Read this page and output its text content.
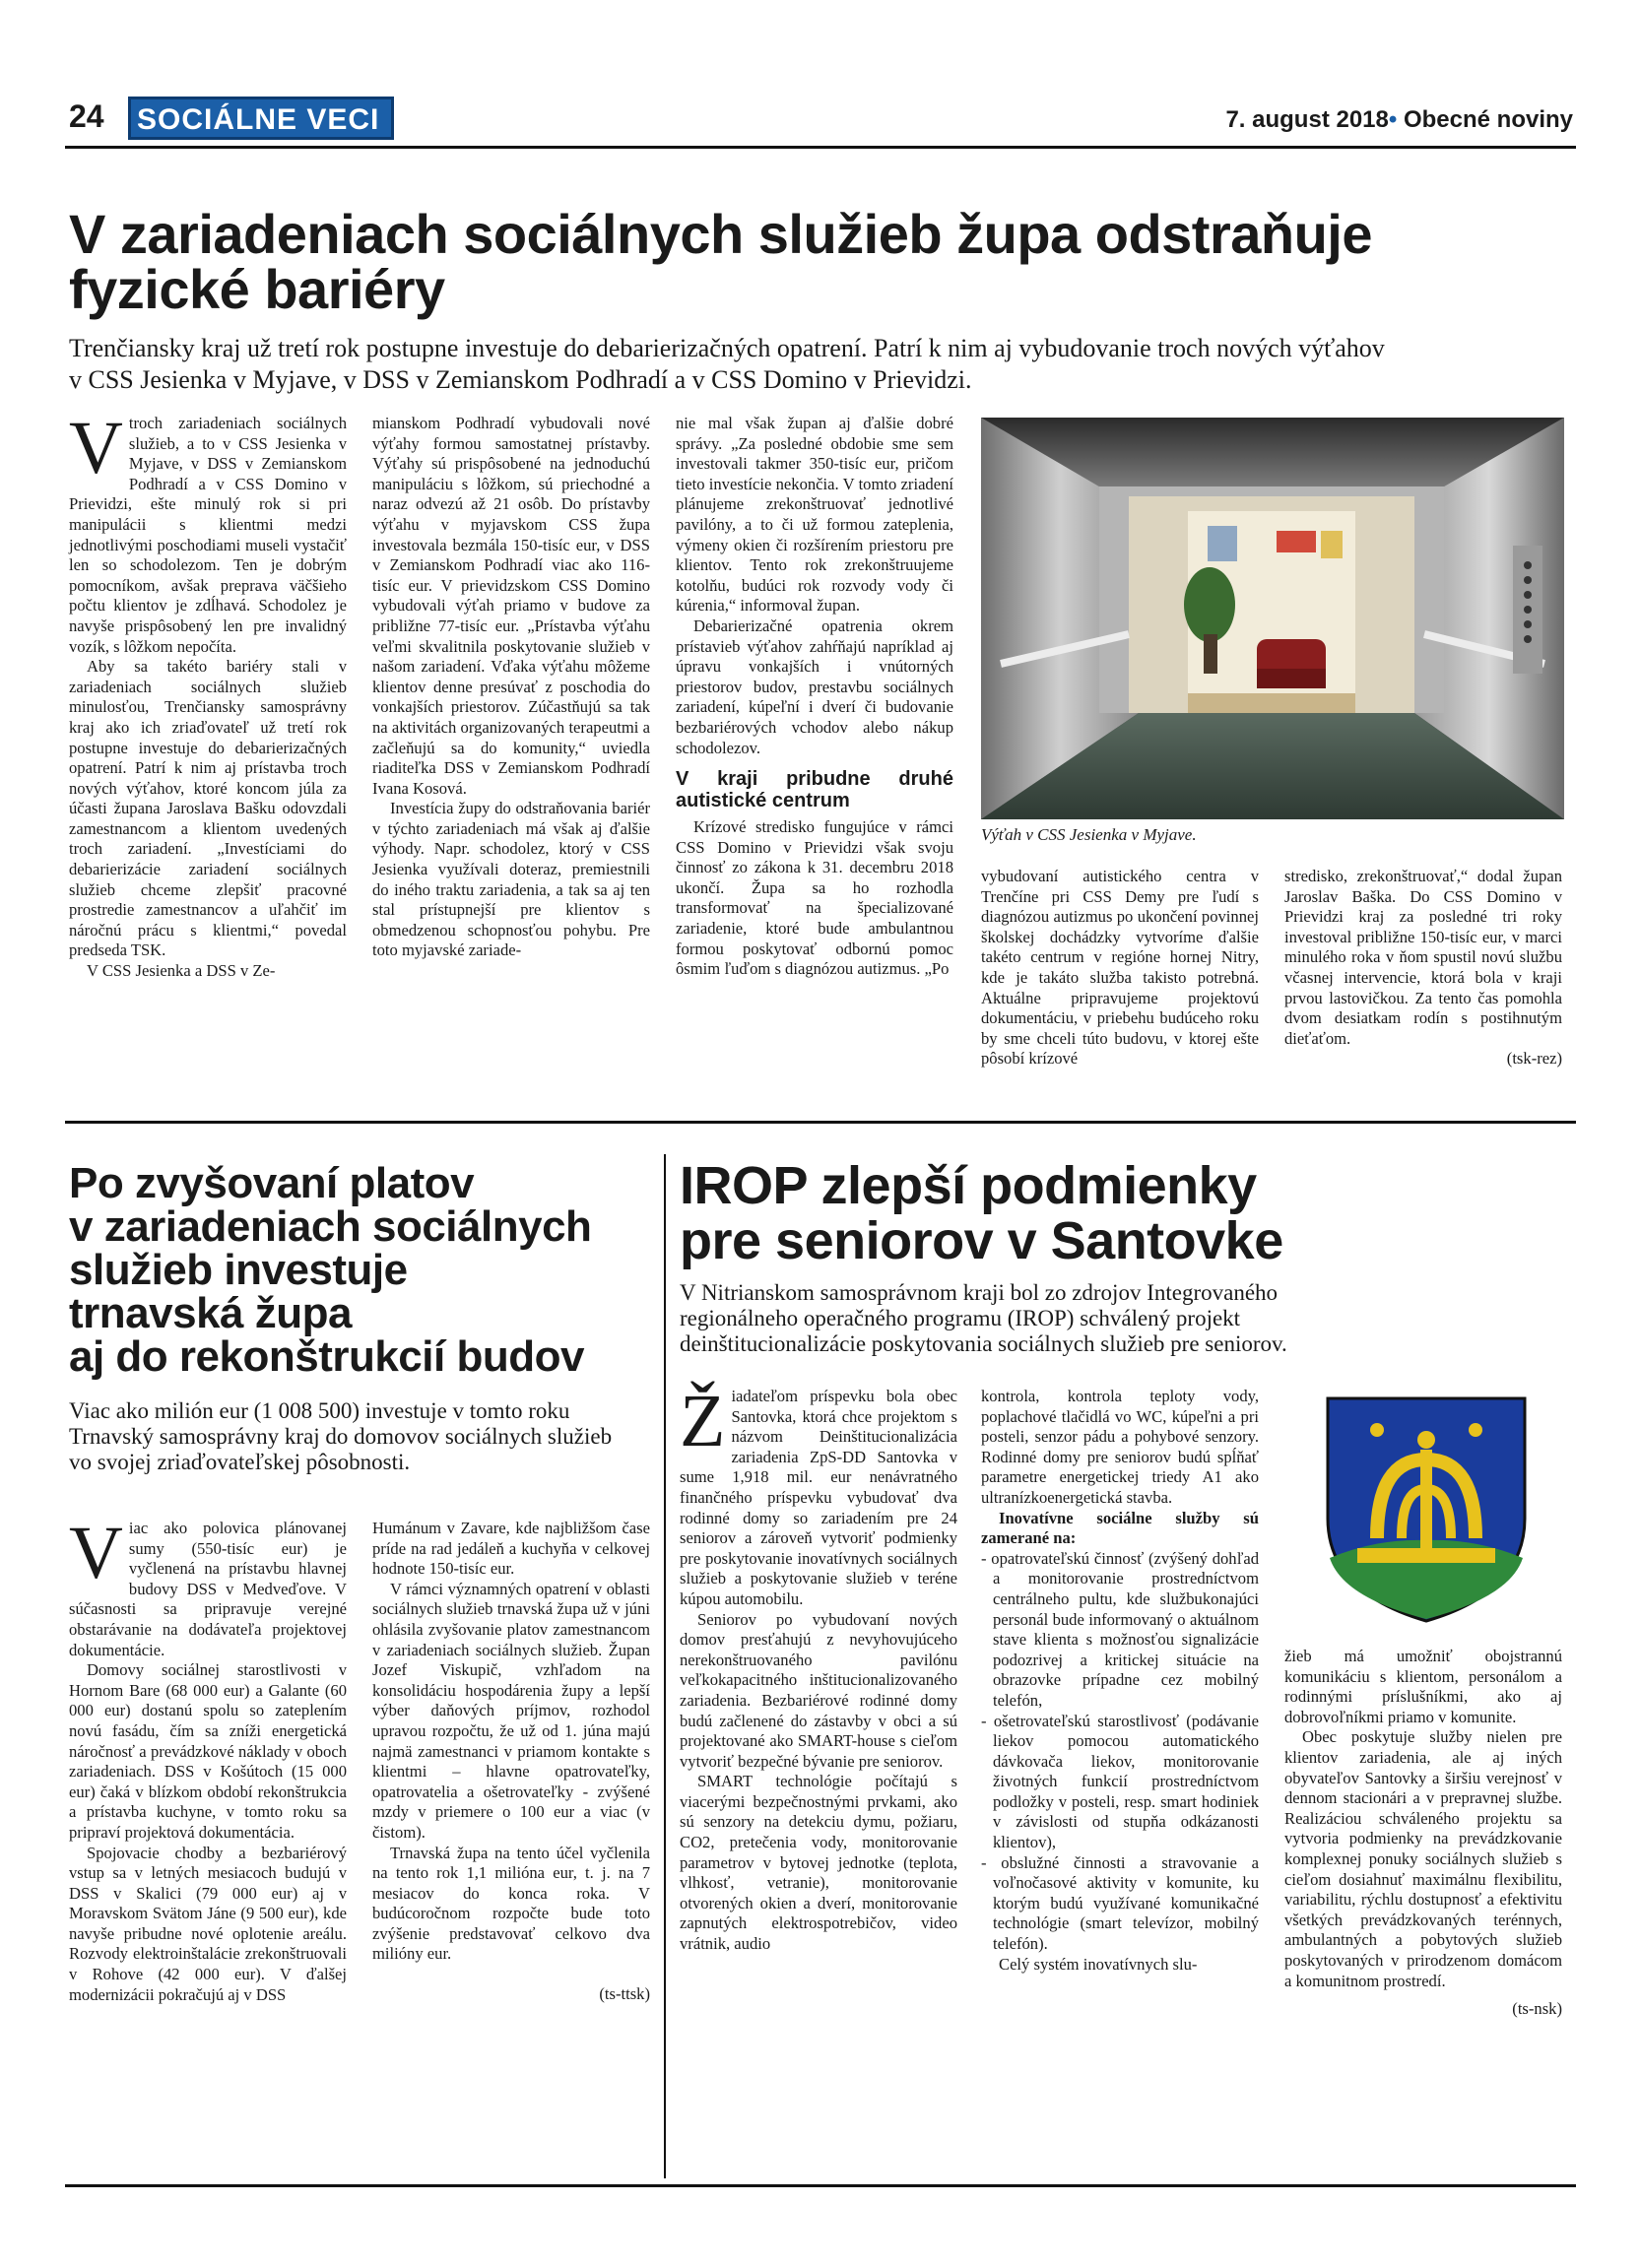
24	SOCIÁLNE VECI	7. august 2018• Obecné noviny
V zariadeniach sociálnych služieb župa odstraňuje
fyzické bariéry
Trenčiansky kraj už tretí rok postupne investuje do debarierizačných opatrení. Patrí k nim aj vybudovanie troch nových výťahov
v CSS Jesienka v Myjave, v DSS v Zemianskom Podhradí a v CSS Domino v Prievidzi.

Vtroch zariadeniach sociálnych služieb, a to v CSS Jesienka v Myjave, v DSS v Zemianskom Podhradí a v CSS Domino v Prievidzi, ešte minulý rok si pri manipulácii s klientmi medzi jednotlivými poschodiami museli vystačiť len so schodolezom. Ten je dobrým pomocníkom, avšak preprava väčšieho počtu klientov je zdĺhavá. Schodolez je navyše prispôsobený len pre invalidný vozík, s lôžkom nepočíta.

Aby sa takéto bariéry stali v zariadeniach sociálnych služieb minulosťou, Trenčiansky samosprávny kraj ako ich zriaďovateľ už tretí rok postupne investuje do debarierizačných opatrení. Patrí k nim aj prístavba troch nových výťahov, ktoré koncom júla za účasti župana Jaroslava Bašku odovzdali zamestnancom a klientom uvedených troch zariadení. „Investíciami do debarierizácie zariadení sociálnych služieb chceme zlepšiť pracovné prostredie zamestnancov a uľahčiť im náročnú prácu s klientmi,“ povedal predseda TSK.

V CSS Jesienka a DSS v Ze-

mianskom Podhradí vybudovali nové výťahy formou samostatnej prístavby. Výťahy sú prispôsobené na jednoduchú manipuláciu s lôžkom, sú priechodné a naraz odvezú až 21 osôb. Do prístavby výťahu v myjavskom CSS župa investovala bezmála 150-tisíc eur, v DSS v Zemianskom Podhradí viac ako 116-tisíc eur. V prievidzskom CSS Domino vybudovali výťah priamo v budove za približne 77-tisíc eur. „Prístavba výťahu veľmi skvalitnila poskytovanie služieb v našom zariadení. Vďaka výťahu môžeme klientov denne presúvať z poschodia do vonkajších priestorov. Zúčastňujú sa tak na aktivitách organizovaných terapeutmi a začleňujú sa do komunity,“ uviedla riaditeľka DSS v Zemianskom Podhradí Ivana Kosová.

Investícia župy do odstraňovania bariér v týchto zariadeniach má však aj ďalšie výhody. Napr. schodolez, ktorý v CSS Jesienka využívali doteraz, premiestnili do iného traktu zariadenia, a tak sa aj ten stal prístupnejší pre klientov s obmedzenou schopnosťou pohybu. Pre toto myjavské zariade-

nie mal však župan aj ďalšie dobré správy. „Za posledné obdobie sme sem investovali takmer 350-tisíc eur, pričom tieto investície nekončia. V tomto zriadení plánujeme zrekonštruovať jednotlivé pavilóny, a to či už formou zateplenia, výmeny okien či rozšírením priestoru pre klientov. Tento rok zrekonštruujeme kotolňu, budúci rok rozvody vody či kúrenia,“ informoval župan.

Debarierizačné opatrenia okrem prístavieb výťahov zahŕňajú napríklad aj úpravu vonkajších i vnútorných priestorov budov, prestavbu sociálnych zariadení, kúpeľní i dverí či budovanie bezbariérových vchodov alebo nákup schodolezov.

V kraji pribudne druhé autistické centrum

Krízové stredisko fungujúce v rámci CSS Domino v Prievidzi však svoju činnosť zo zákona k 31. decembru 2018 ukončí. Župa sa ho rozhodla transformovať na špecializované zariadenie, ktoré bude ambulantnou formou poskytovať odbornú pomoc ôsmim ľuďom s diagnózou autizmus. „Po

Výťah v CSS Jesienka v Myjave.

vybudovaní autistického centra v Trenčíne pri CSS Demy pre ľudí s diagnózou autizmus po ukončení povinnej školskej dochádzky vytvoríme ďalšie takéto centrum v regióne hornej Nitry, kde je takáto služba takisto potrebná. Aktuálne pripravujeme projektovú dokumentáciu, v priebehu budúceho roku by sme chceli túto budovu, v ktorej ešte pôsobí krízové

stredisko, zrekonštruovať,“ dodal župan Jaroslav Baška. Do CSS Domino v Prievidzi kraj za posledné tri roky investoval približne 150-tisíc eur, v marci minulého roka v ňom spustil novú službu včasnej intervencie, ktorá bola v kraji prvou lastovičkou. Za tento čas pomohla dvom desiatkam rodín s postihnutým dieťaťom.

(tsk-rez)
Po zvyšovaní platov
v zariadeniach sociálnych
služieb investuje
trnavská župa
aj do rekonštrukcií budov
Viac ako milión eur (1 008 500) investuje v tomto roku Trnavský samosprávny kraj do domovov sociálnych služieb vo svojej zriaďovateľskej pôsobnosti.

Viac ako polovica plánovanej sumy (550-tisíc eur) je vyčlenená na prístavbu hlavnej budovy DSS v Medveďove. V súčasnosti sa pripravuje verejné obstarávanie na dodávateľa projektovej dokumentácie.

Domovy sociálnej starostlivosti v Hornom Bare (68 000 eur) a Galante (60 000 eur) dostanú spolu so zateplením novú fasádu, čím sa zníži energetická náročnosť a prevádzkové náklady v oboch zariadeniach. DSS v Košútoch (15 000 eur) čaká v blízkom období rekonštrukcia a prístavba kuchyne, v tomto roku sa pripraví projektová dokumentácia.

Spojovacie chodby a bezbariérový vstup sa v letných mesiacoch budujú v DSS v Skalici (79 000 eur) aj v Moravskom Svätom Jáne (9 500 eur), kde navyše pribudne nové oplotenie areálu. Rozvody elektroinštalácie zrekonštruovali v Rohove (42 000 eur). V ďalšej modernizácii pokračujú aj v DSS

Humánum v Zavare, kde najbližšom čase príde na rad jedáleň a kuchyňa v celkovej hodnote 150-tisíc eur.

V rámci významných opatrení v oblasti sociálnych služieb trnavská župa už v júni ohlásila zvyšovanie platov zamestnancom v zariadeniach sociálnych služieb. Župan Jozef Viskupič, vzhľadom na konsolidáciu hospodárenia župy a lepší výber daňových príjmov, rozhodol upravou rozpočtu, že už od 1. júna majú najmä zamestnanci v priamom kontakte s klientmi – hlavne opatrovateľky, opatrovatelia a ošetrovateľky - zvýšené mzdy v priemere o 100 eur a viac (v čistom).

Trnavská župa na tento účel vyčlenila na tento rok 1,1 milióna eur, t. j. na 7 mesiacov do konca roka. V budúcoročnom rozpočte bude toto zvýšenie predstavovať celkovo dva milióny eur.

(ts-ttsk)
IROP zlepší podmienky
pre seniorov v Santovke
V Nitrianskom samosprávnom kraji bol zo zdrojov Integrovaného
regionálneho operačného programu (IROP) schválený projekt
deinštitucionalizácie poskytovania sociálnych služieb pre seniorov.

Žiadateľom príspevku bola obec Santovka, ktorá chce projektom s názvom Deinštitucionalizácia zariadenia ZpS-DD Santovka v sume 1,918 mil. eur nenávratného finančného príspevku vybudovať dva rodinné domy so zariadením pre 24 seniorov a zároveň vytvoriť podmienky pre poskytovanie inovatívnych sociálnych služieb a poskytovanie služieb v teréne kúpou automobilu.

Seniorov po vybudovaní nových domov presťahujú z nevyhovujúceho nerekonštruovaného pavilónu veľkokapacitného inštitucionalizovaného zariadenia. Bezbariérové rodinné domy budú začlenené do zástavby v obci a sú projektované ako SMART-house s cieľom vytvoriť bezpečné bývanie pre seniorov.

SMART technológie počítajú s viacerými bezpečnostnými prvkami, ako sú senzory na detekciu dymu, požiaru, CO2, pretečenia vody, monitorovanie parametrov v bytovej jednotke (teplota, vlhkosť, vetranie), monitorovanie otvorených okien a dverí, monitorovanie zapnutých elektrospotrebičov, video vrátnik, audio

kontrola, kontrola teploty vody, poplachové tlačidlá vo WC, kúpeľni a pri posteli, senzor pádu a pohybové senzory. Rodinné domy pre seniorov budú spĺňať parametre energetickej triedy A1 ako ultranízkoenergetická stavba.

Inovatívne sociálne služby sú zamerané na:

- opatrovateľskú činnosť (zvýšený dohľad a monitorovanie prostredníctvom centrálneho pultu, kde službukonajúci personál bude informovaný o aktuálnom stave klienta s možnosťou signalizácie podozrivej a kritickej situácie na obrazovke prípadne cez mobilný telefón,
- ošetrovateľskú starostlivosť (podávanie liekov pomocou automatického dávkovača liekov, monitorovanie životných funkcií prostredníctvom podložky v posteli, resp. smart hodiniek v závislosti od stupňa odkázanosti klientov),
- obslužné činnosti a stravovanie a voľnočasové aktivity v komunite, ku ktorým budú využívané komunikačné technológie (smart televízor, mobilný telefón).

Celý systém inovatívnych slu-

žieb má umožniť obojstrannú komunikáciu s klientom, personálom a rodinnými príslušníkmi, ako aj dobrovoľníkmi priamo v komunite.

Obec poskytuje služby nielen pre klientov zariadenia, ale aj iných obyvateľov Santovky a širšiu verejnosť v dennom stacionári a v prepravnej službe. Realizáciou schváleného projektu sa vytvoria podmienky na prevádzkovanie komplexnej ponuky sociálnych služieb s cieľom dosiahnuť maximálnu flexibilitu, variabilitu, rýchlu dostupnosť a efektivitu všetkých prevádzkovaných terénnych, ambulantných a pobytových služieb poskytovaných v prirodzenom domácom a komunitnom prostredí.

(ts-nsk)
